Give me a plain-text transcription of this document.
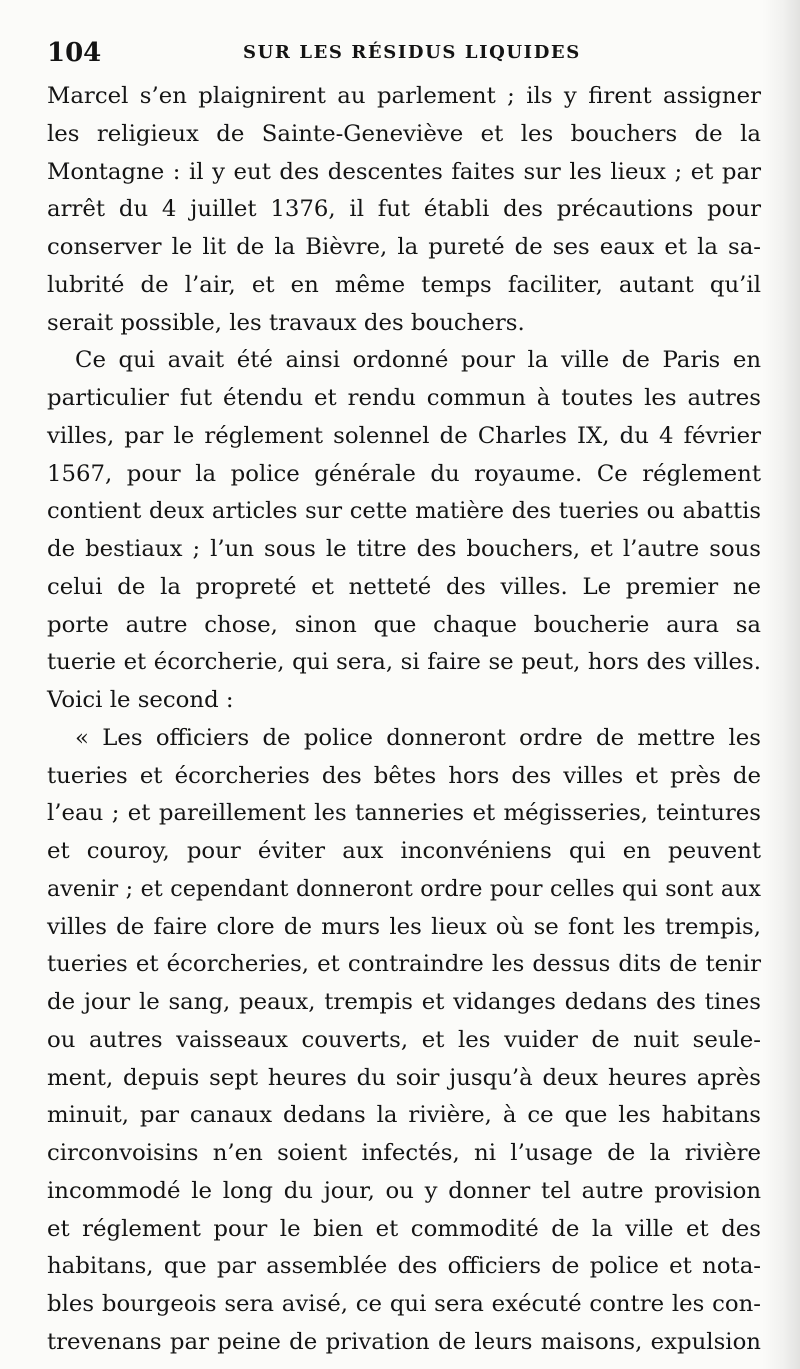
104	SUR LES RÉSIDUS LIQUIDES
Marcel s’en plaignirent au parlement ; ils y firent assigner
les religieux de Sainte-Geneviève et les bouchers de la
Montagne : il y eut des descentes faites sur les lieux ; et par
arrêt du 4 juillet 1376, il fut établi des précautions pour
conserver le lit de la Bièvre, la pureté de ses eaux et la sa-
lubrité de l’air, et en même temps faciliter, autant qu’il
serait possible, les travaux des bouchers.
Ce qui avait été ainsi ordonné pour la ville de Paris en
particulier fut étendu et rendu commun à toutes les autres
villes, par le réglement solennel de Charles IX, du 4 février
1567, pour la police générale du royaume. Ce réglement
contient deux articles sur cette matière des tueries ou abattis
de bestiaux ; l’un sous le titre des bouchers, et l’autre sous
celui de la propreté et netteté des villes. Le premier ne
porte autre chose, sinon que chaque boucherie aura sa
tuerie et écorcherie, qui sera, si faire se peut, hors des villes.
Voici le second :
« Les officiers de police donneront ordre de mettre les
tueries et écorcheries des bêtes hors des villes et près de
l’eau ; et pareillement les tanneries et mégisseries, teintures
et couroy, pour éviter aux inconvéniens qui en peuvent
avenir ; et cependant donneront ordre pour celles qui sont aux
villes de faire clore de murs les lieux où se font les trempis,
tueries et écorcheries, et contraindre les dessus dits de tenir
de jour le sang, peaux, trempis et vidanges dedans des tines
ou autres vaisseaux couverts, et les vuider de nuit seule-
ment, depuis sept heures du soir jusqu’à deux heures après
minuit, par canaux dedans la rivière, à ce que les habitans
circonvoisins n’en soient infectés, ni l’usage de la rivière
incommodé le long du jour, ou y donner tel autre provision
et réglement pour le bien et commodité de la ville et des
habitans, que par assemblée des officiers de police et nota-
bles bourgeois sera avisé, ce qui sera exécuté contre les con-
trevenans par peine de privation de leurs maisons, expulsion
